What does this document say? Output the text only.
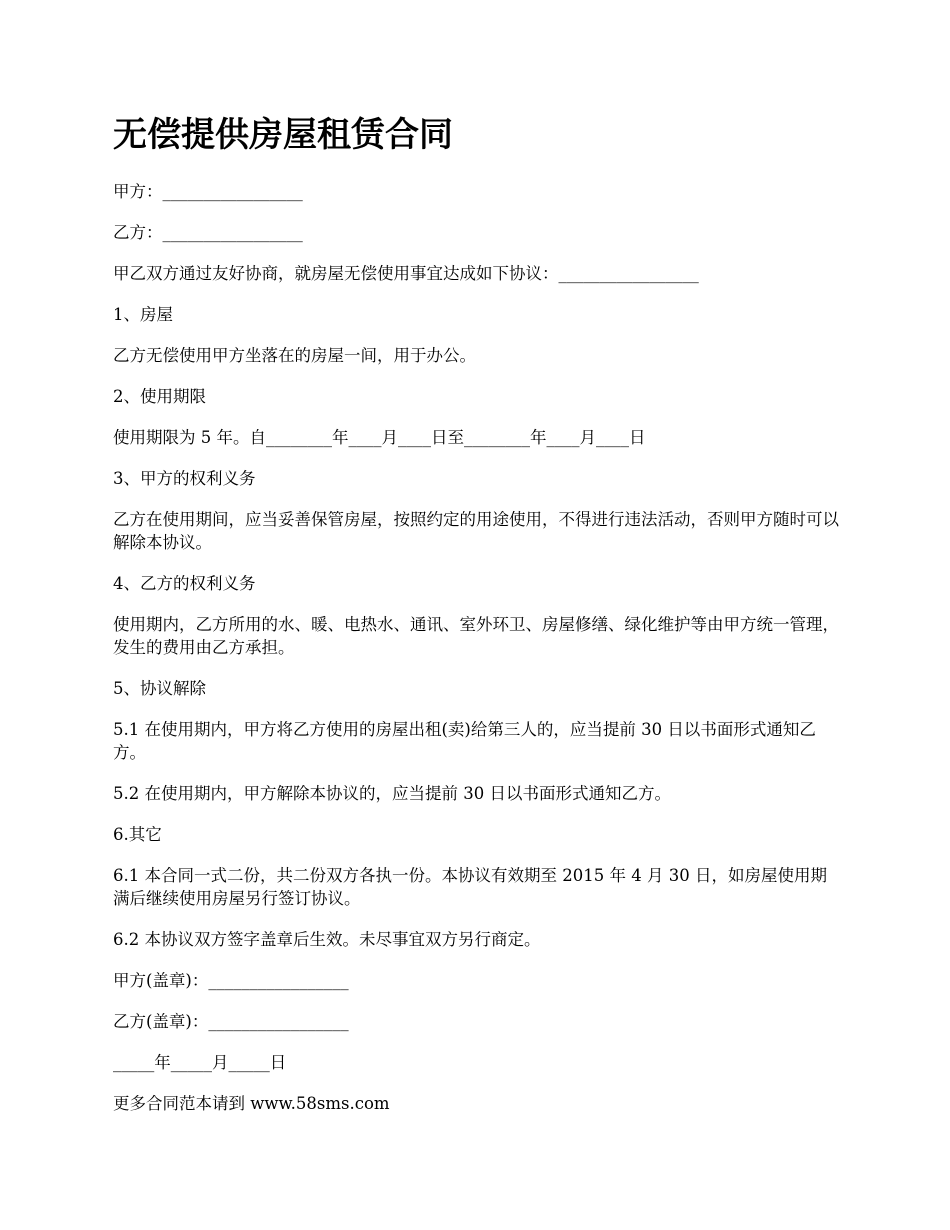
无偿提供房屋租赁合同

甲方：_________________

乙方：_________________

甲乙双方通过友好协商，就房屋无偿使用事宜达成如下协议：_________________

1、房屋

乙方无偿使用甲方坐落在的房屋一间，用于办公。

2、使用期限

使用期限为 5 年。自________年____月____日至________年____月____日

3、甲方的权利义务

乙方在使用期间，应当妥善保管房屋，按照约定的用途使用，不得进行违法活动，否则甲方随时可以解除本协议。

4、乙方的权利义务

使用期内，乙方所用的水、暖、电热水、通讯、室外环卫、房屋修缮、绿化维护等由甲方统一管理，发生的费用由乙方承担。

5、协议解除

5.1 在使用期内，甲方将乙方使用的房屋出租(卖)给第三人的，应当提前 30 日以书面形式通知乙方。

5.2 在使用期内，甲方解除本协议的，应当提前 30 日以书面形式通知乙方。

6.其它

6.1 本合同一式二份，共二份双方各执一份。本协议有效期至 2015 年 4 月 30 日，如房屋使用期满后继续使用房屋另行签订协议。

6.2 本协议双方签字盖章后生效。未尽事宜双方另行商定。

甲方(盖章)：_________________

乙方(盖章)：_________________

_____年_____月_____日

更多合同范本请到 www.58sms.com
